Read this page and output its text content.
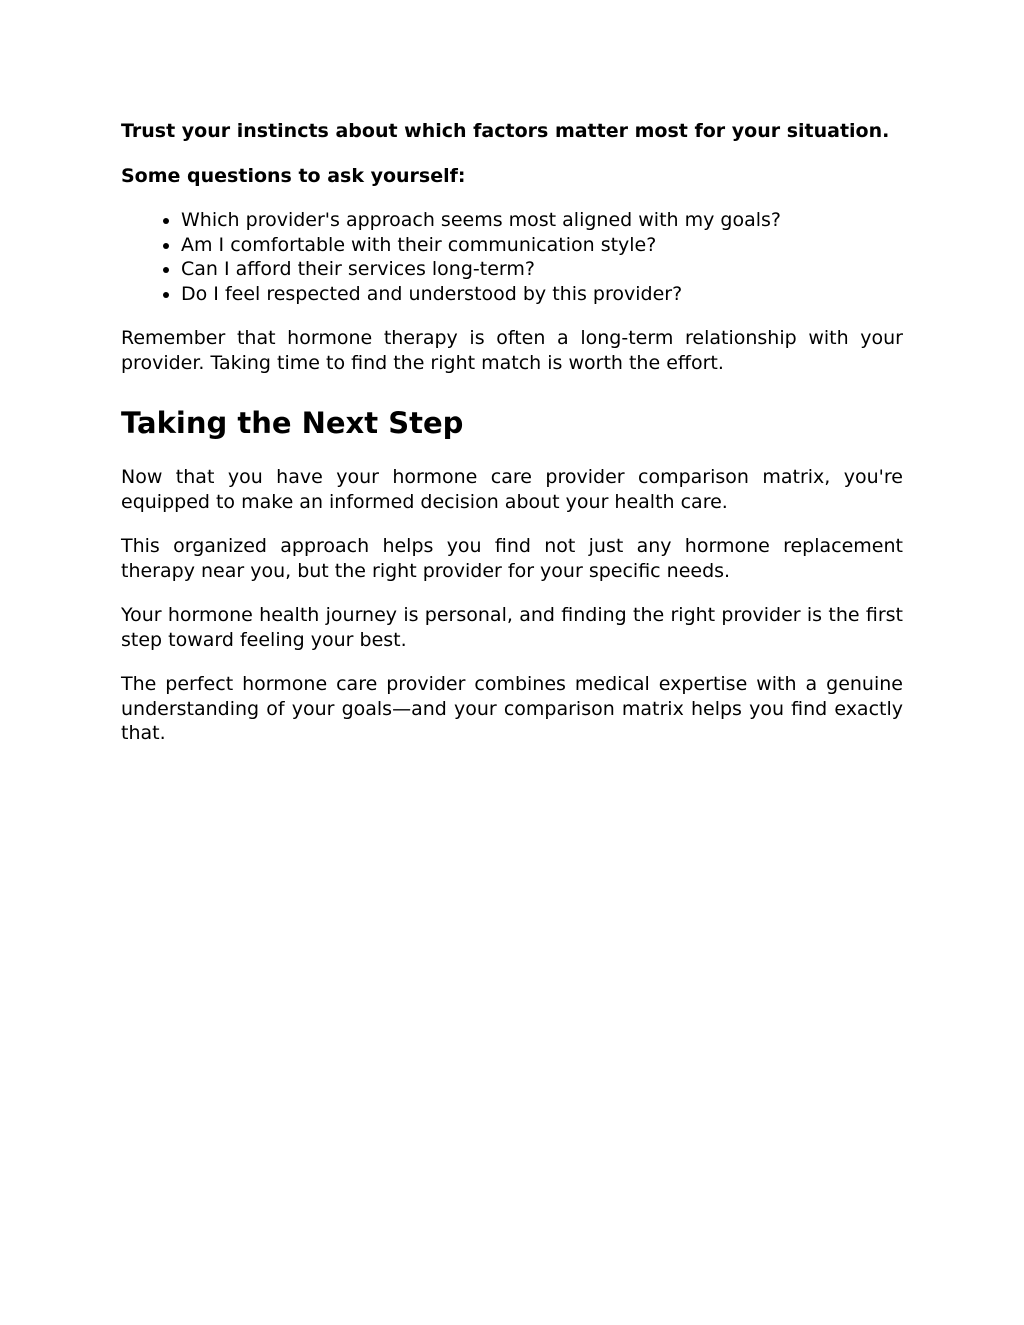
Trust your instincts about which factors matter most for your situation.

Some questions to ask yourself:

• Which provider's approach seems most aligned with my goals?
• Am I comfortable with their communication style?
• Can I afford their services long-term?
• Do I feel respected and understood by this provider?

Remember that hormone therapy is often a long-term relationship with your provider. Taking time to find the right match is worth the effort.

Taking the Next Step

Now that you have your hormone care provider comparison matrix, you're equipped to make an informed decision about your health care.

This organized approach helps you find not just any hormone replacement therapy near you, but the right provider for your specific needs.

Your hormone health journey is personal, and finding the right provider is the first step toward feeling your best.

The perfect hormone care provider combines medical expertise with a genuine understanding of your goals—and your comparison matrix helps you find exactly that.
